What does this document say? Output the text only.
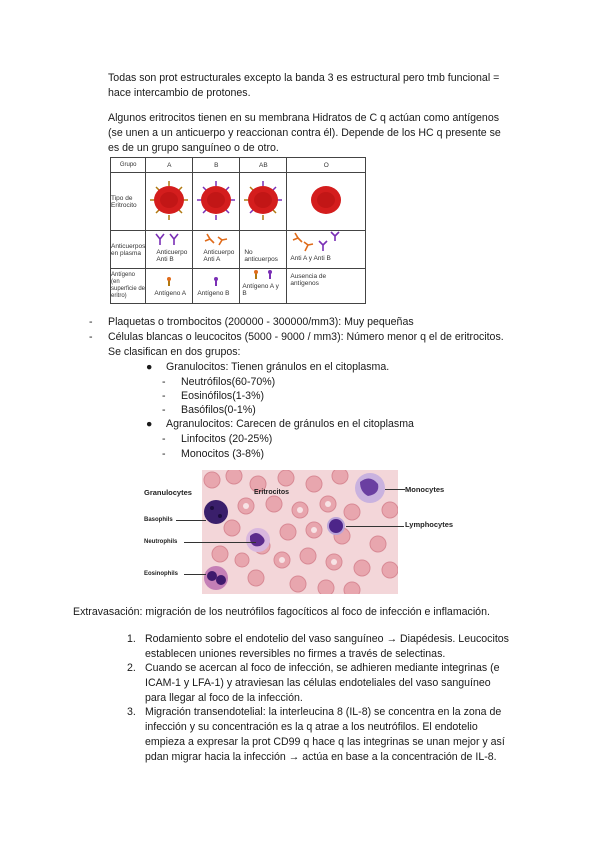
Todas son prot estructurales excepto la banda 3 es estructural pero tmb funcional =
hace intercambio de protones.
Algunos eritrocitos tienen en su membrana Hidratos de C q actúan como antígenos
(se unen a un anticuerpo y reaccionan contra él). Depende de los HC q presente se
es de un grupo sanguíneo o de otro.
Grupo	A	B	AB	O
Tipo de Eritrocito				
Anticuerpos en plasma	Anticuerpo Anti B	Anticuerpo Anti A	No anticuerpos	Anti A y Anti B

Antígeno (en superficie de eritro)	Antígeno A	Antígeno B	Antígeno A y B	Ausencia de antígenos
- Plaquetas o trombocitos (200000 - 300000/mm3): Muy pequeñas
- Células blancas o leucocitos (5000 - 9000 / mm3): Número menor q el de eritrocitos.
Se clasifican en dos grupos:
● Granulocitos: Tienen gránulos en el citoplasma.
- Neutrófilos(60-70%)
- Eosinófilos(1-3%)
- Basófilos(0-1%)
● Agranulocitos: Carecen de gránulos en el citoplasma
- Linfocitos (20-25%)
- Monocitos (3-8%)
Granulocytes	Eritrocitos	Monocytes
Basophils
Neutrophils
Lymphocytes
Eosinophils
Extravasación: migración de los neutrófilos fagocíticos al foco de infección e inflamación.
1. Rodamiento sobre el endotelio del vaso sanguíneo → Diapédesis. Leucocitos
establecen uniones reversibles no firmes a través de selectinas.
2. Cuando se acercan al foco de infección, se adhieren mediante integrinas (e
ICAM-1 y LFA-1) y atraviesan las células endoteliales del vaso sanguíneo
para llegar al foco de la infección.
3. Migración transendotelial: la interleucina 8 (IL-8) se concentra en la zona de
infección y su concentración es la q atrae a los neutrófilos. El endotelio
empieza a expresar la prot CD99 q hace q las integrinas se unan mejor y así
pdan migrar hacia la infección → actúa en base a la concentración de IL-8.
